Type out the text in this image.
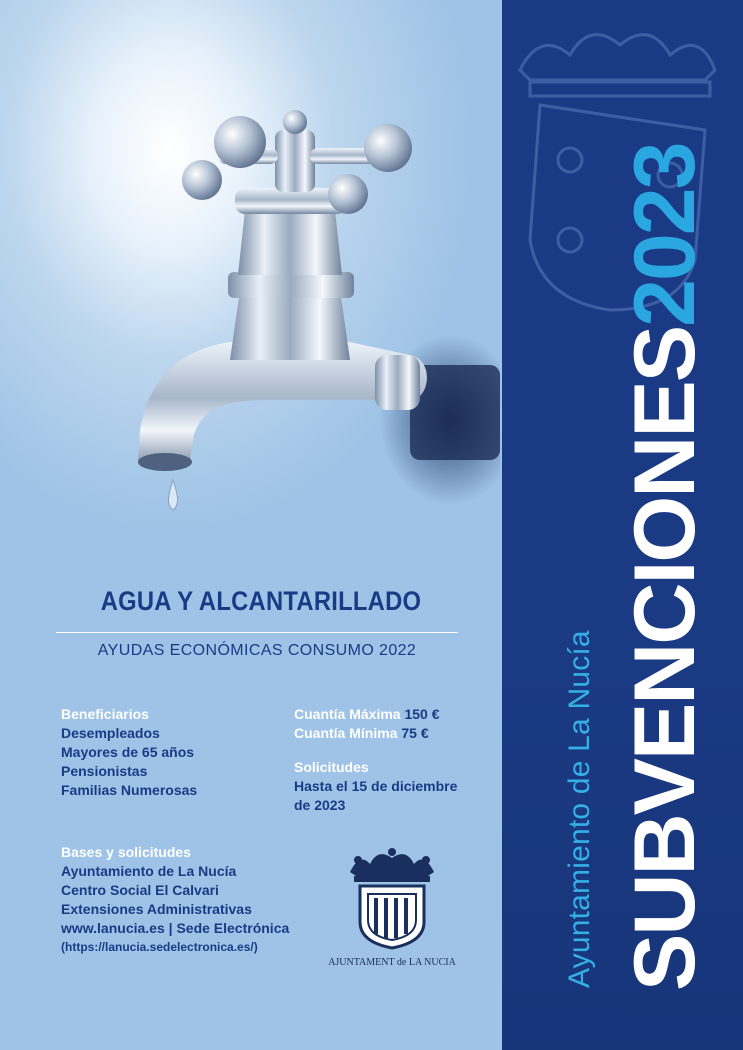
AGUA Y ALCANTARILLADO
AYUDAS ECONÓMICAS CONSUMO 2022
Beneficiarios
Desempleados
Mayores de 65 años
Pensionistas
Familias Numerosas
Cuantía Máxima 150 €
Cuantía Mínima 75 €
Solicitudes
Hasta el 15 de diciembre
de 2023
Bases y solicitudes
Ayuntamiento de La Nucía
Centro Social El Calvari
Extensiones Administrativas
www.lanucia.es | Sede Electrónica
(https://lanucia.sedelectronica.es/)
AJUNTAMENT de LA NUCIA SUBVENCIONES2023
Ayuntamiento de La Nucía
